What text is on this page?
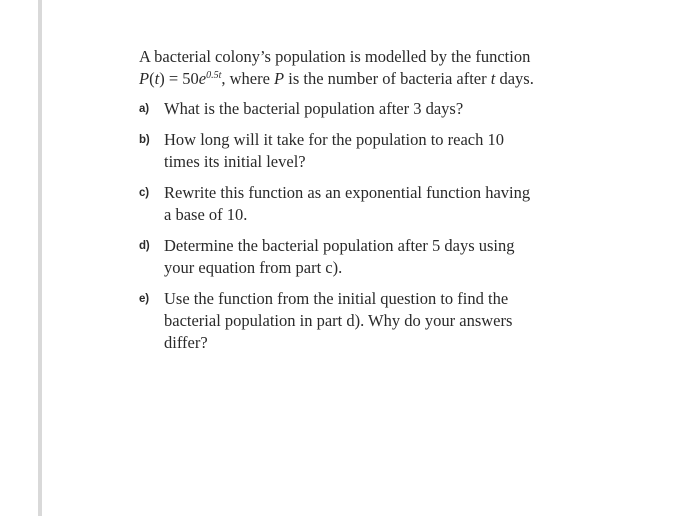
A bacterial colony’s population is modelled by the function $P(t) = 50e^{0.5t}$, where P is the number of bacteria after t days.

a) What is the bacterial population after 3 days?
b) How long will it take for the population to reach 10 times its initial level?
c) Rewrite this function as an exponential function having a base of 10.
d) Determine the bacterial population after 5 days using your equation from part c).
e) Use the function from the initial question to find the bacterial population in part d). Why do your answers differ?
